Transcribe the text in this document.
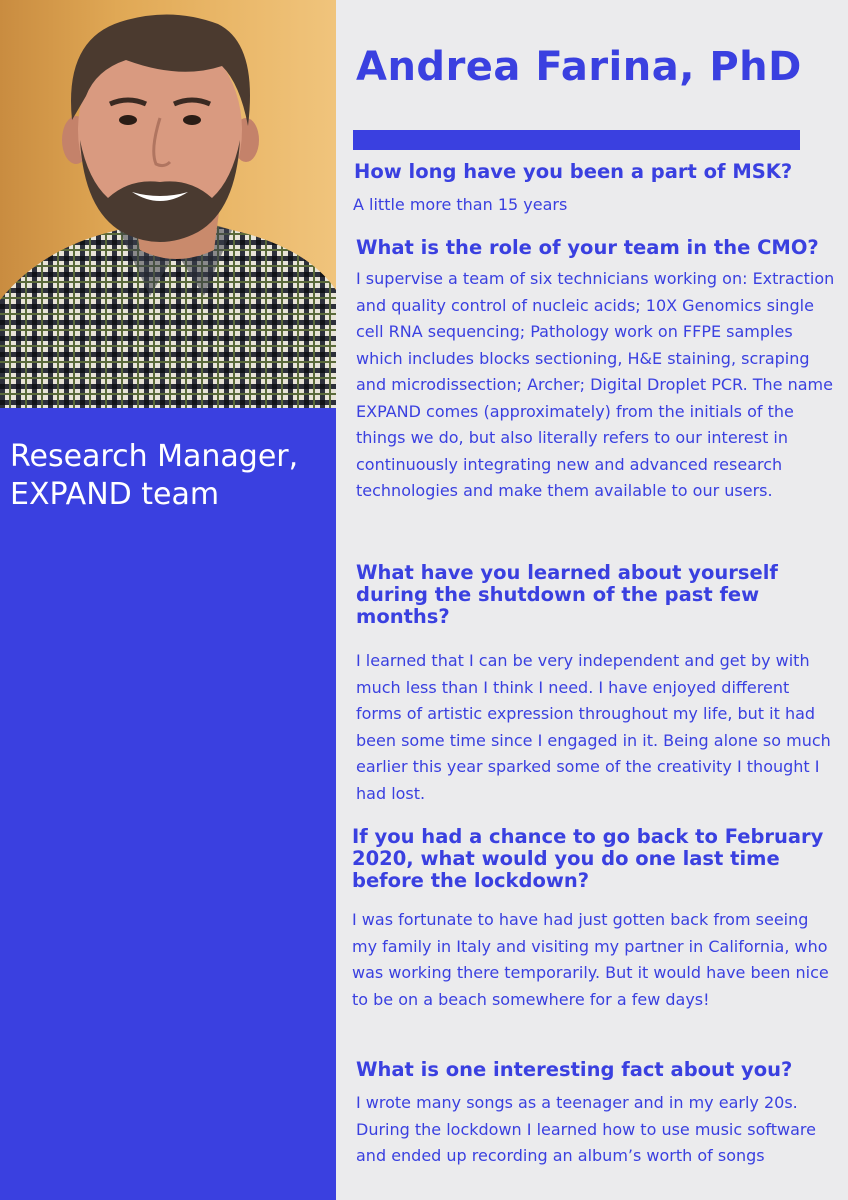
Research Manager, EXPAND team
Andrea Farina, PhD

How long have you been a part of MSK?

A little more than 15 years

What is the role of your team in the CMO?

I supervise a team of six technicians working on: Extraction and quality control of nucleic acids; 10X Genomics single cell RNA sequencing; Pathology work on FFPE samples which includes blocks sectioning, H&E staining, scraping and microdissection; Archer; Digital Droplet PCR. The name EXPAND comes (approximately) from the initials of the things we do, but also literally refers to our interest in continuously integrating new and advanced research technologies and make them available to our users.

What have you learned about yourself during the shutdown of the past few months?

I learned that I can be very independent and get by with much less than I think I need. I have enjoyed different forms of artistic expression throughout my life, but it had been some time since I engaged in it. Being alone so much earlier this year sparked some of the creativity I thought I had lost.

If you had a chance to go back to February 2020, what would you do one last time before the lockdown?

I was fortunate to have had just gotten back from seeing my family in Italy and visiting my partner in California, who was working there temporarily. But it would have been nice to be on a beach somewhere for a few days!

What is one interesting fact about you?

I wrote many songs as a teenager and in my early 20s. During the lockdown I learned how to use music software and ended up recording an album’s worth of songs
